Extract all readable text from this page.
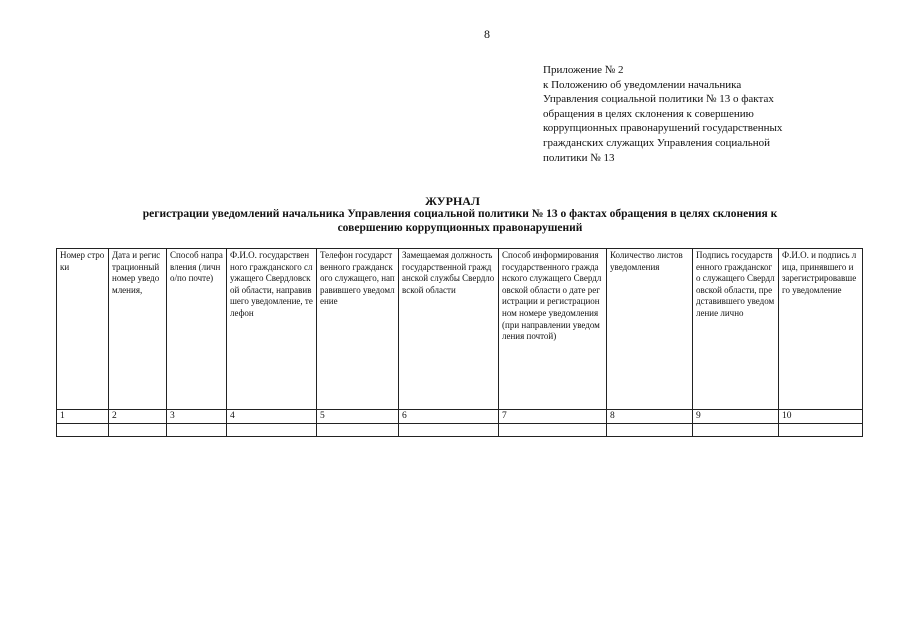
8
Приложение № 2
к Положению об уведомлении начальника
Управления социальной политики № 13 о фактах
обращения в целях склонения к совершению
коррупционных правонарушений государственных
гражданских служащих Управления социальной
политики № 13
ЖУРНАЛ
регистрации уведомлений начальника Управления социальной политики № 13 о фактах обращения в целях склонения к
совершению коррупционных правонарушений
Номер строки	Дата и регистрационный номер уведомления,	Способ направления (лично/по почте)	Ф.И.О. государственного гражданского служащего Свердловской области, направившего уведомление, телефон	Телефон государственного гражданского служащего, направившего уведомление	Замещаемая должность государственной гражданской службы Свердловской области	Способ информирования государственного гражданского служащего Свердловской области о дате регистрации и регистрационном номере уведомления (при направлении уведомления почтой)	Количество листов уведомления	Подпись государственного гражданского служащего Свердловской области, представившего уведомление лично	Ф.И.О. и подпись лица, принявшего и зарегистрировавшего уведомление
1	2	3	4	5	6	7	8	9	10
